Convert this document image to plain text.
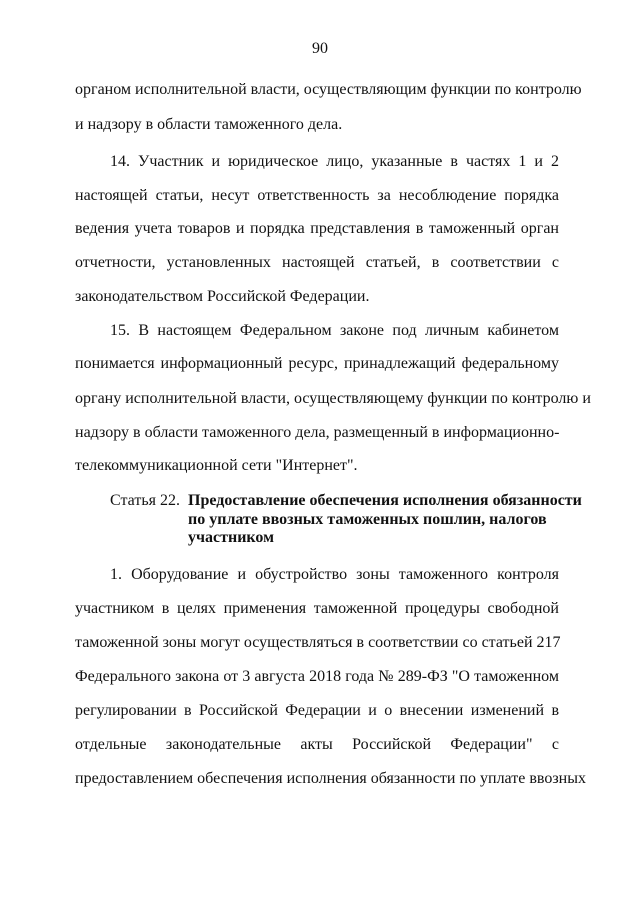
90
органом исполнительной власти, осуществляющим функции по контролю
и надзору в области таможенного дела.
14. Участник и юридическое лицо, указанные в частях 1 и 2
настоящей статьи, несут ответственность за несоблюдение порядка
ведения учета товаров и порядка представления в таможенный орган
отчетности, установленных настоящей статьей, в соответствии с
законодательством Российской Федерации.
15. В настоящем Федеральном законе под личным кабинетом
понимается информационный ресурс, принадлежащий федеральному
органу исполнительной власти, осуществляющему функции по контролю и
надзору в области таможенного дела, размещенный в информационно-
телекоммуникационной сети "Интернет".
Статья 22. Предоставление обеспечения исполнения обязанности
по уплате ввозных таможенных пошлин, налогов
участником
1. Оборудование и обустройство зоны таможенного контроля
участником в целях применения таможенной процедуры свободной
таможенной зоны могут осуществляться в соответствии со статьей 217
Федерального закона от 3 августа 2018 года № 289-ФЗ "О таможенном
регулировании в Российской Федерации и о внесении изменений в
отдельные законодательные акты Российской Федерации" с
предоставлением обеспечения исполнения обязанности по уплате ввозных
